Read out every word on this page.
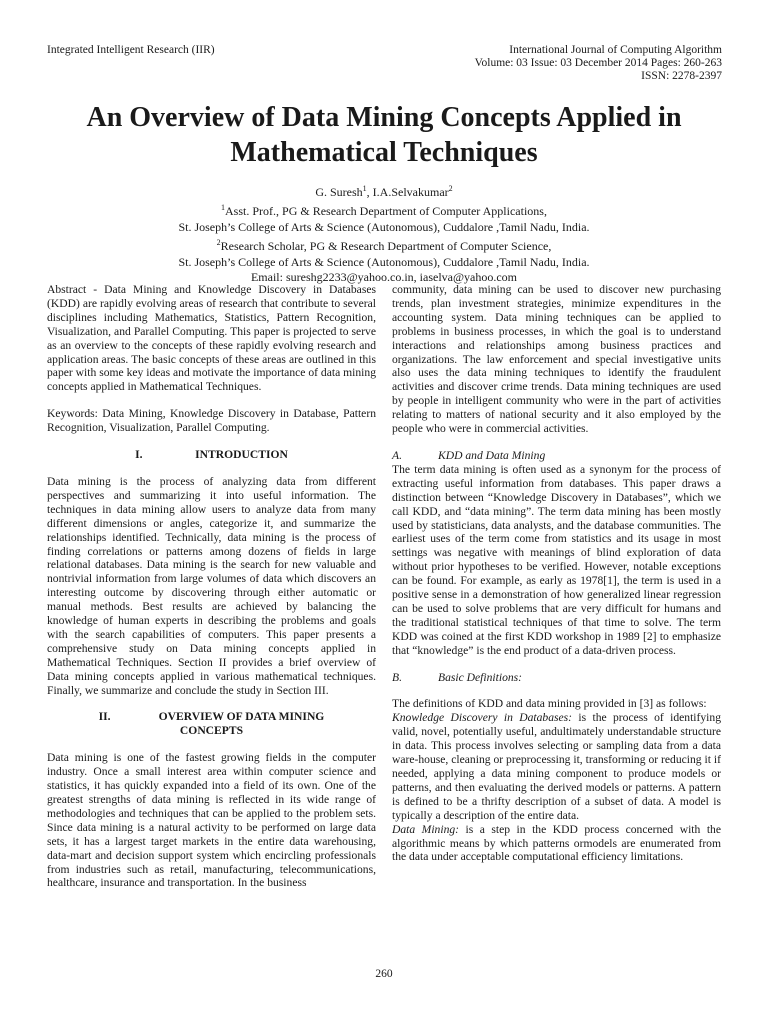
Integrated Intelligent Research (IIR)	International Journal of Computing Algorithm
Volume: 03 Issue: 03 December 2014 Pages: 260-263
ISSN: 2278-2397
An Overview of Data Mining Concepts Applied in
Mathematical Techniques
G. Suresh$^1$, I.A.Selvakumar$^2$
$^1$Asst. Prof., PG & Research Department of Computer Applications,
St. Joseph’s College of Arts & Science (Autonomous), Cuddalore ,Tamil Nadu, India.
$^2$Research Scholar, PG & Research Department of Computer Science,
St. Joseph’s College of Arts & Science (Autonomous), Cuddalore ,Tamil Nadu, India.
Email: sureshg2233@yahoo.co.in, iaselva@yahoo.com

Abstract - Data Mining and Knowledge Discovery in Databases (KDD) are rapidly evolving areas of research that contribute to several disciplines including Mathematics, Statistics, Pattern Recognition, Visualization, and Parallel Computing. This paper is projected to serve as an overview to the concepts of these rapidly evolving research and application areas. The basic concepts of these areas are outlined in this paper with some key ideas and motivate the importance of data mining concepts applied in Mathematical Techniques.

Keywords: Data Mining, Knowledge Discovery in Database, Pattern Recognition, Visualization, Parallel Computing.

I.	INTRODUCTION

Data mining is the process of analyzing data from different perspectives and summarizing it into useful information. The techniques in data mining allow users to analyze data from many different dimensions or angles, categorize it, and summarize the relationships identified. Technically, data mining is the process of finding correlations or patterns among dozens of fields in large relational databases. Data mining is the search for new valuable and nontrivial information from large volumes of data which discovers an interesting outcome by discovering through either automatic or manual methods. Best results are achieved by balancing the knowledge of human experts in describing the problems and goals with the search capabilities of computers. This paper presents a comprehensive study on Data mining concepts applied in Mathematical Techniques. Section II provides a brief overview of Data mining concepts applied in various mathematical techniques. Finally, we summarize and conclude the study in Section III.

II.	OVERVIEW OF DATA MINING
CONCEPTS

Data mining is one of the fastest growing fields in the computer industry. Once a small interest area within computer science and statistics, it has quickly expanded into a field of its own. One of the greatest strengths of data mining is reflected in its wide range of methodologies and techniques that can be applied to the problem sets. Since data mining is a natural activity to be performed on large data sets, it has a largest target markets in the entire data warehousing, data-mart and decision support system which encircling professionals from industries such as retail, manufacturing, telecommunications, healthcare, insurance and transportation. In the business

community, data mining can be used to discover new purchasing trends, plan investment strategies, minimize expenditures in the accounting system. Data mining techniques can be applied to problems in business processes, in which the goal is to understand interactions and relationships among business practices and organizations. The law enforcement and special investigative units also uses the data mining techniques to identify the fraudulent activities and discover crime trends. Data mining techniques are used by people in intelligent community who were in the part of activities relating to matters of national security and it also employed by the people who were in commercial activities.

A.	KDD and Data Mining

The term data mining is often used as a synonym for the process of extracting useful information from databases. This paper draws a distinction between “Knowledge Discovery in Databases”, which we call KDD, and “data mining”. The term data mining has been mostly used by statisticians, data analysts, and the database communities. The earliest uses of the term come from statistics and its usage in most settings was negative with meanings of blind exploration of data without prior hypotheses to be verified. However, notable exceptions can be found. For example, as early as 1978[1], the term is used in a positive sense in a demonstration of how generalized linear regression can be used to solve problems that are very difficult for humans and the traditional statistical techniques of that time to solve. The term KDD was coined at the first KDD workshop in 1989 [2] to emphasize that “knowledge” is the end product of a data-driven process.

B.	Basic Definitions:

The definitions of KDD and data mining provided in [3] as follows:

Knowledge Discovery in Databases: is the process of identifying valid, novel, potentially useful, andultimately understandable structure in data. This process involves selecting or sampling data from a data ware-house, cleaning or preprocessing it, transforming or reducing it if needed, applying a data mining component to produce models or patterns, and then evaluating the derived models or patterns. A pattern is defined to be a thrifty description of a subset of data. A model is typically a description of the entire data.

Data Mining: is a step in the KDD process concerned with the algorithmic means by which patterns ormodels are enumerated from the data under acceptable computational efficiency limitations.

260
